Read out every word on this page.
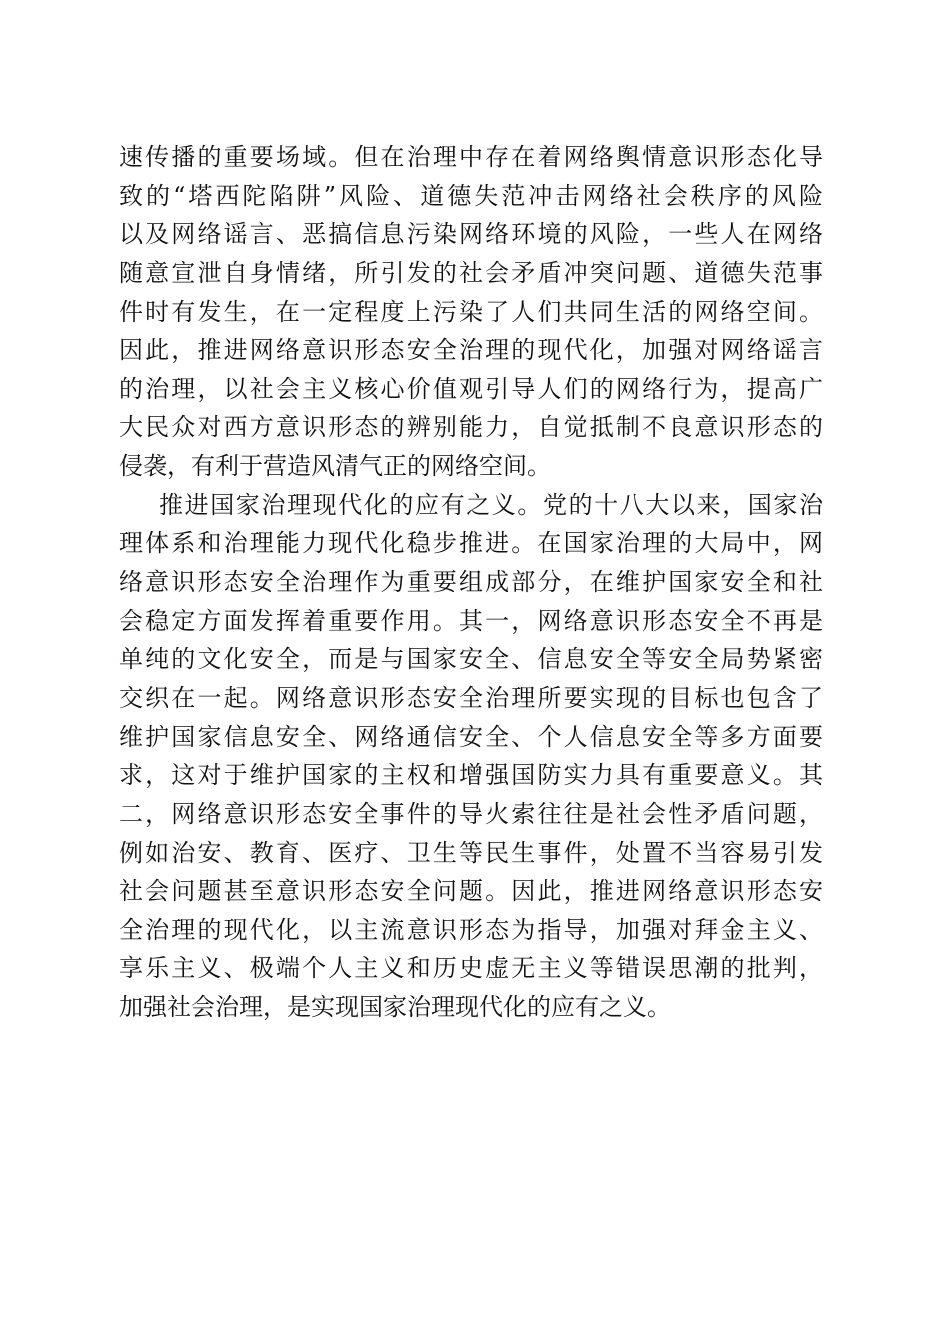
速传播的重要场域。但在治理中存在着网络舆情意识形态化导
致的“塔西陀陷阱”风险、道德失范冲击网络社会秩序的风险
以及网络谣言、恶搞信息污染网络环境的风险，一些人在网络
随意宣泄自身情绪，所引发的社会矛盾冲突问题、道德失范事
件时有发生，在一定程度上污染了人们共同生活的网络空间。
因此，推进网络意识形态安全治理的现代化，加强对网络谣言
的治理，以社会主义核心价值观引导人们的网络行为，提高广
大民众对西方意识形态的辨别能力，自觉抵制不良意识形态的
侵袭，有利于营造风清气正的网络空间。
推进国家治理现代化的应有之义。党的十八大以来，国家治
理体系和治理能力现代化稳步推进。在国家治理的大局中，网
络意识形态安全治理作为重要组成部分，在维护国家安全和社
会稳定方面发挥着重要作用。其一，网络意识形态安全不再是
单纯的文化安全，而是与国家安全、信息安全等安全局势紧密
交织在一起。网络意识形态安全治理所要实现的目标也包含了
维护国家信息安全、网络通信安全、个人信息安全等多方面要
求，这对于维护国家的主权和增强国防实力具有重要意义。其
二，网络意识形态安全事件的导火索往往是社会性矛盾问题，
例如治安、教育、医疗、卫生等民生事件，处置不当容易引发
社会问题甚至意识形态安全问题。因此，推进网络意识形态安
全治理的现代化，以主流意识形态为指导，加强对拜金主义、
享乐主义、极端个人主义和历史虚无主义等错误思潮的批判，
加强社会治理，是实现国家治理现代化的应有之义。
